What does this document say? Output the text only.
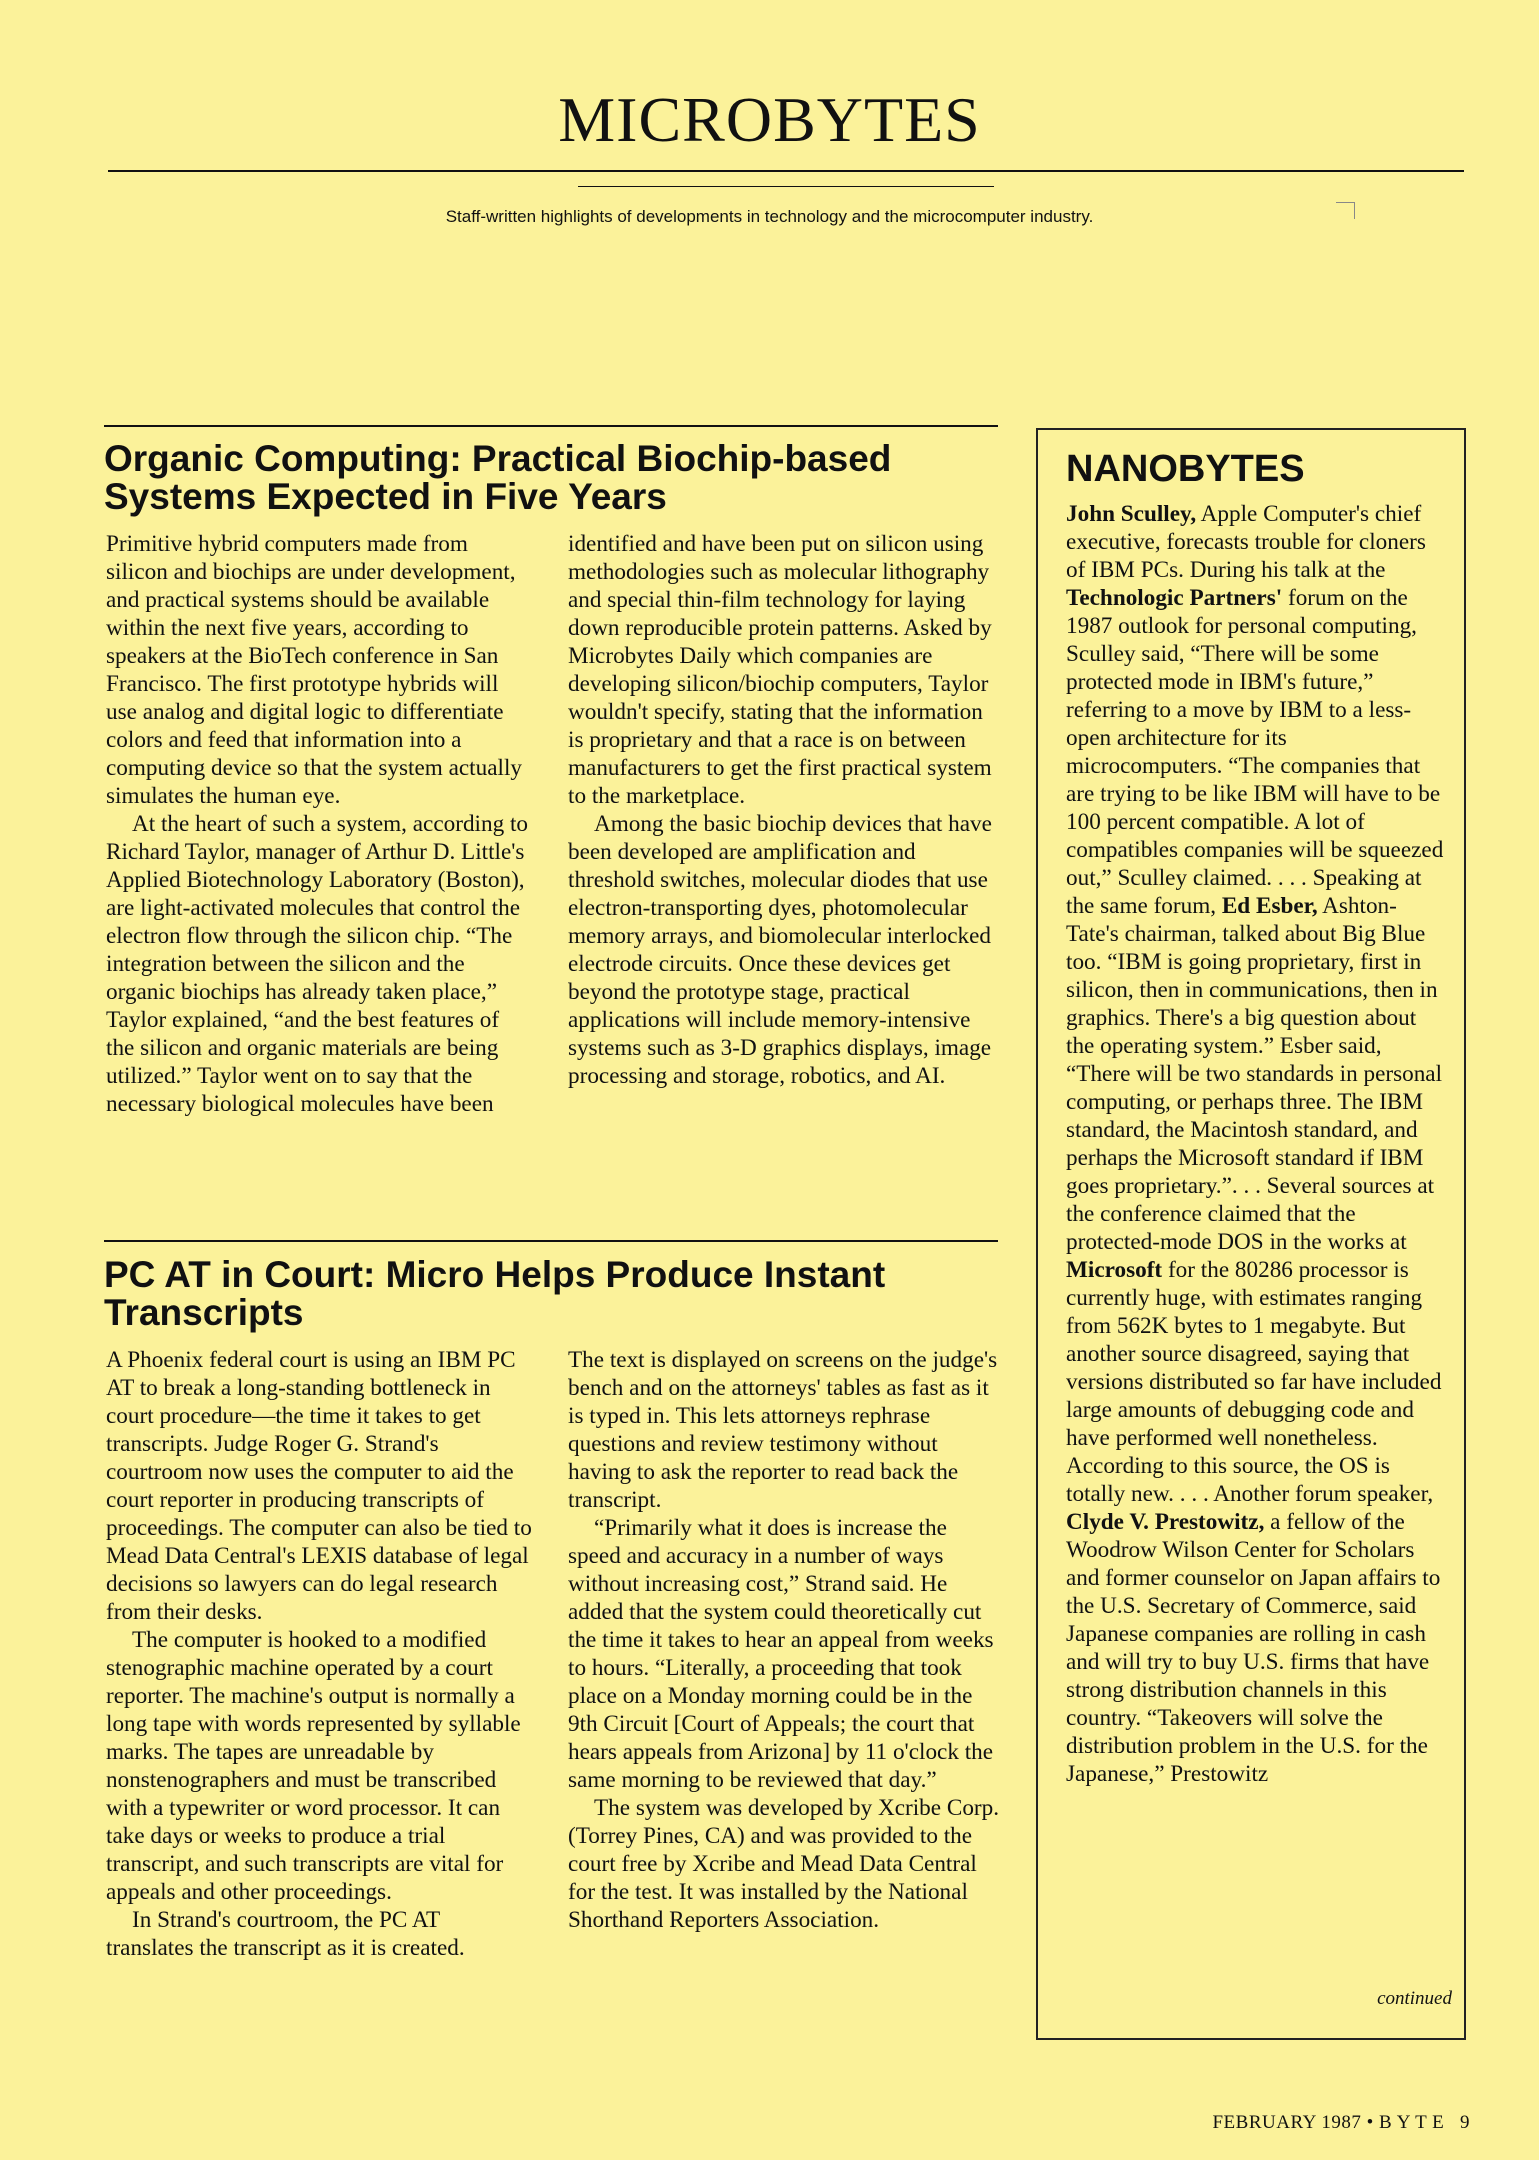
MICROBYTES
Staff-written highlights of developments in technology and the microcomputer industry.
Organic Computing: Practical Biochip-based Systems Expected in Five Years

Primitive hybrid computers made from silicon and biochips are under development, and practical systems should be available within the next five years, according to speakers at the BioTech conference in San Francisco. The first prototype hybrids will use analog and digital logic to differentiate colors and feed that information into a computing device so that the system actually simulates the human eye.

At the heart of such a system, according to Richard Taylor, manager of Arthur D. Little's Applied Biotechnology Laboratory (Boston), are light-activated molecules that control the electron flow through the silicon chip. “The integration between the silicon and the organic biochips has already taken place,” Taylor explained, “and the best features of the silicon and organic materials are being utilized.” Taylor went on to say that the necessary biological molecules have been

identified and have been put on silicon using methodologies such as molecular lithography and special thin-film technology for laying down reproducible protein patterns. Asked by Microbytes Daily which companies are developing silicon/biochip computers, Taylor wouldn't specify, stating that the information is proprietary and that a race is on between manufacturers to get the first practical system to the marketplace.

Among the basic biochip devices that have been developed are amplification and threshold switches, molecular diodes that use electron-transporting dyes, photomolecular memory arrays, and biomolecular interlocked electrode circuits. Once these devices get beyond the prototype stage, practical applications will include memory-intensive systems such as 3-D graphics displays, image processing and storage, robotics, and AI.

PC AT in Court: Micro Helps Produce Instant Transcripts

A Phoenix federal court is using an IBM PC AT to break a long-standing bottleneck in court procedure—the time it takes to get transcripts. Judge Roger G. Strand's courtroom now uses the computer to aid the court reporter in producing transcripts of proceedings. The computer can also be tied to Mead Data Central's LEXIS database of legal decisions so lawyers can do legal research from their desks.

The computer is hooked to a modified stenographic machine operated by a court reporter. The machine's output is normally a long tape with words represented by syllable marks. The tapes are unreadable by nonstenographers and must be transcribed with a typewriter or word processor. It can take days or weeks to produce a trial transcript, and such transcripts are vital for appeals and other proceedings.

In Strand's courtroom, the PC AT translates the transcript as it is created.

The text is displayed on screens on the judge's bench and on the attorneys' tables as fast as it is typed in. This lets attorneys rephrase questions and review testimony without having to ask the reporter to read back the transcript.

“Primarily what it does is increase the speed and accuracy in a number of ways without increasing cost,” Strand said. He added that the system could theoretically cut the time it takes to hear an appeal from weeks to hours. “Literally, a proceeding that took place on a Monday morning could be in the 9th Circuit [Court of Appeals; the court that hears appeals from Arizona] by 11 o'clock the same morning to be reviewed that day.”

The system was developed by Xcribe Corp. (Torrey Pines, CA) and was provided to the court free by Xcribe and Mead Data Central for the test. It was installed by the National Shorthand Reporters Association.

NANOBYTES
John Sculley, Apple Computer's chief executive, forecasts trouble for cloners of IBM PCs. During his talk at the Technologic Partners' forum on the 1987 outlook for personal computing, Sculley said, “There will be some protected mode in IBM's future,” referring to a move by IBM to a less-open architecture for its microcomputers. “The companies that are trying to be like IBM will have to be 100 percent compatible. A lot of compatibles companies will be squeezed out,” Sculley claimed. . . . Speaking at the same forum, Ed Esber, Ashton-Tate's chairman, talked about Big Blue too. “IBM is going proprietary, first in silicon, then in communications, then in graphics. There's a big question about the operating system.” Esber said, “There will be two standards in personal computing, or perhaps three. The IBM standard, the Macintosh standard, and perhaps the Microsoft standard if IBM goes proprietary.”. . . Several sources at the conference claimed that the protected-mode DOS in the works at Microsoft for the 80286 processor is currently huge, with estimates ranging from 562K bytes to 1 megabyte. But another source disagreed, saying that versions distributed so far have included large amounts of debugging code and have performed well nonetheless. According to this source, the OS is totally new. . . . Another forum speaker, Clyde V. Prestowitz, a fellow of the Woodrow Wilson Center for Scholars and former counselor on Japan affairs to the U.S. Secretary of Commerce, said Japanese companies are rolling in cash and will try to buy U.S. firms that have strong distribution channels in this country. “Takeovers will solve the distribution problem in the U.S. for the Japanese,” Prestowitz
continued
FEBRUARY 1987 • B Y T E 9
